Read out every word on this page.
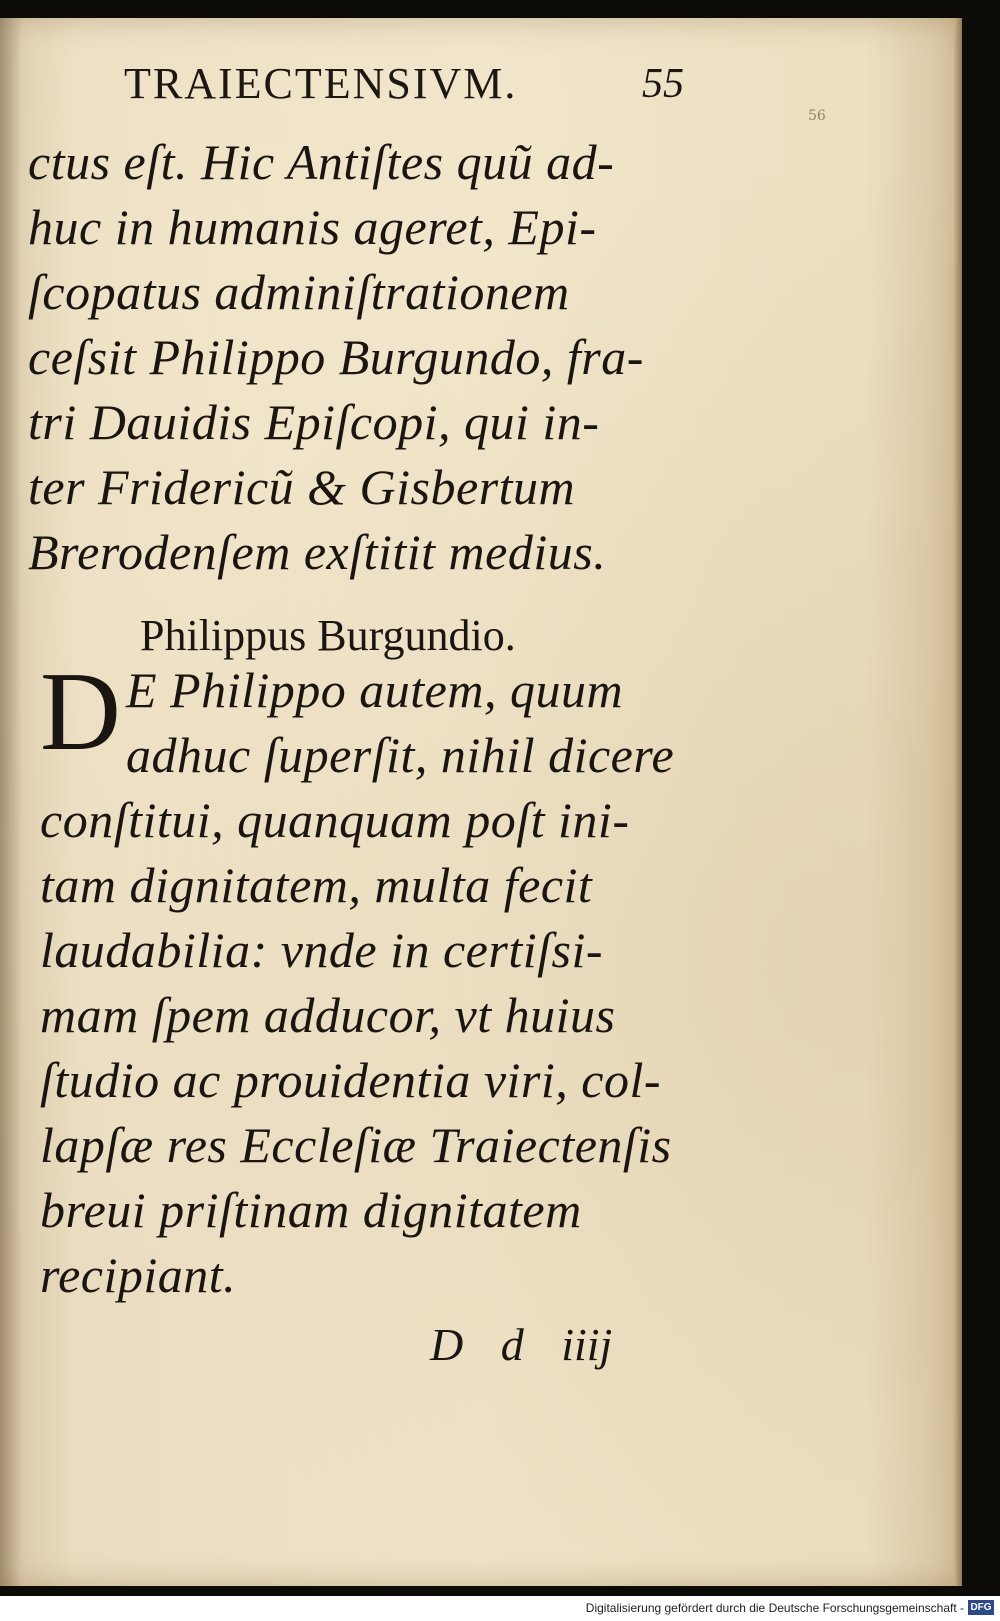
56
TRAIECTENSIVM.	55
ctus eſt. Hic Antiſtes quũ ad-
huc in humanis ageret, Epi-
ſcopatus adminiſtrationem
ceſsit Philippo Burgundo, fra-
tri Dauidis Epiſcopi, qui in-
ter Fridericũ & Gisbertum
Brerodenſem exſtitit medius.
Philippus Burgundio.
D E Philippo autem, quum
adhuc ſuperſit, nihil dicere
conſtitui, quanquam poſt ini-
tam dignitatem, multa fecit
laudabilia: vnde in certiſsi-
mam ſpem adducor, vt huius
ſtudio ac prouidentia viri, col-
lapſæ res Eccleſiæ Traiectenſis
breui priſtinam dignitatem
recipiant.
D d iiij
Digitalisierung gefördert durch die Deutsche Forschungsgemeinschaft - DFG
